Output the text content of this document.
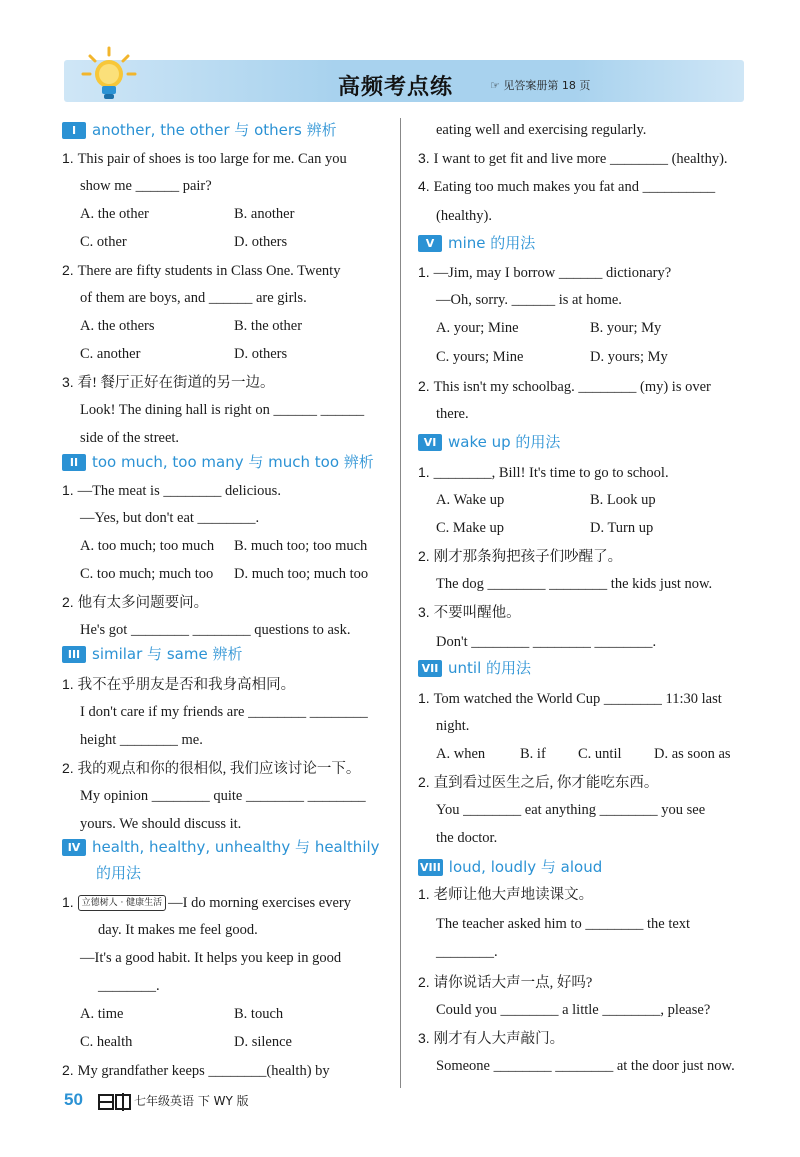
高频考点练	☞ 见答案册第 18 页
I another, the other 与 others 辨析
1. This pair of shoes is too large for me. Can you
show me ______ pair?
A. the other	B. another
C. other	D. others
2. There are fifty students in Class One. Twenty
of them are boys, and ______ are girls.
A. the others	B. the other
C. another	D. others
3. 看! 餐厅正好在街道的另一边。
Look! The dining hall is right on ______ ______
side of the street.
II too much, too many 与 much too 辨析
1. —The meat is ________ delicious.
—Yes, but don't eat ________.
A. too much; too much B. much too; too much
C. too much; much too D. much too; much too
2. 他有太多问题要问。
He's got ________ ________ questions to ask.
III similar 与 same 辨析
1. 我不在乎朋友是否和我身高相同。
I don't care if my friends are ________ ________
height ________ me.
2. 我的观点和你的很相似, 我们应该讨论一下。
My opinion ________ quite ________ ________
yours. We should discuss it.
IV health, healthy, unhealthy 与 healthily
的用法
1. 立德树人 · 健康生活 —I do morning exercises every
day. It makes me feel good.
—It's a good habit. It helps you keep in good
________.
A. time	B. touch
C. health	D. silence
2. My grandfather keeps ________(health) by
eating well and exercising regularly.
3. I want to get fit and live more ________ (healthy).
4. Eating too much makes you fat and __________
(healthy).
V mine 的用法
1. —Jim, may I borrow ______ dictionary?
—Oh, sorry. ______ is at home.
A. your; Mine	B. your; My
C. yours; Mine	D. yours; My
2. This isn't my schoolbag. ________ (my) is over
there.
VI wake up 的用法
1. ________, Bill! It's time to go to school.
A. Wake up	B. Look up
C. Make up	D. Turn up
2. 刚才那条狗把孩子们吵醒了。
The dog ________ ________ the kids just now.
3. 不要叫醒他。
Don't ________ ________ ________.
VII until 的用法
1. Tom watched the World Cup ________ 11:30 last
night.
A. when B. if C. until D. as soon as
2. 直到看过医生之后, 你才能吃东西。
You ________ eat anything ________ you see
the doctor.
VIII loud, loudly 与 aloud
1. 老师让他大声地读课文。
The teacher asked him to ________ the text
________.
2. 请你说话大声一点, 好吗?
Could you ________ a little ________, please?
3. 刚才有人大声敲门。
Someone ________ ________ at the door just now.
50	七年级英语 下 WY 版
